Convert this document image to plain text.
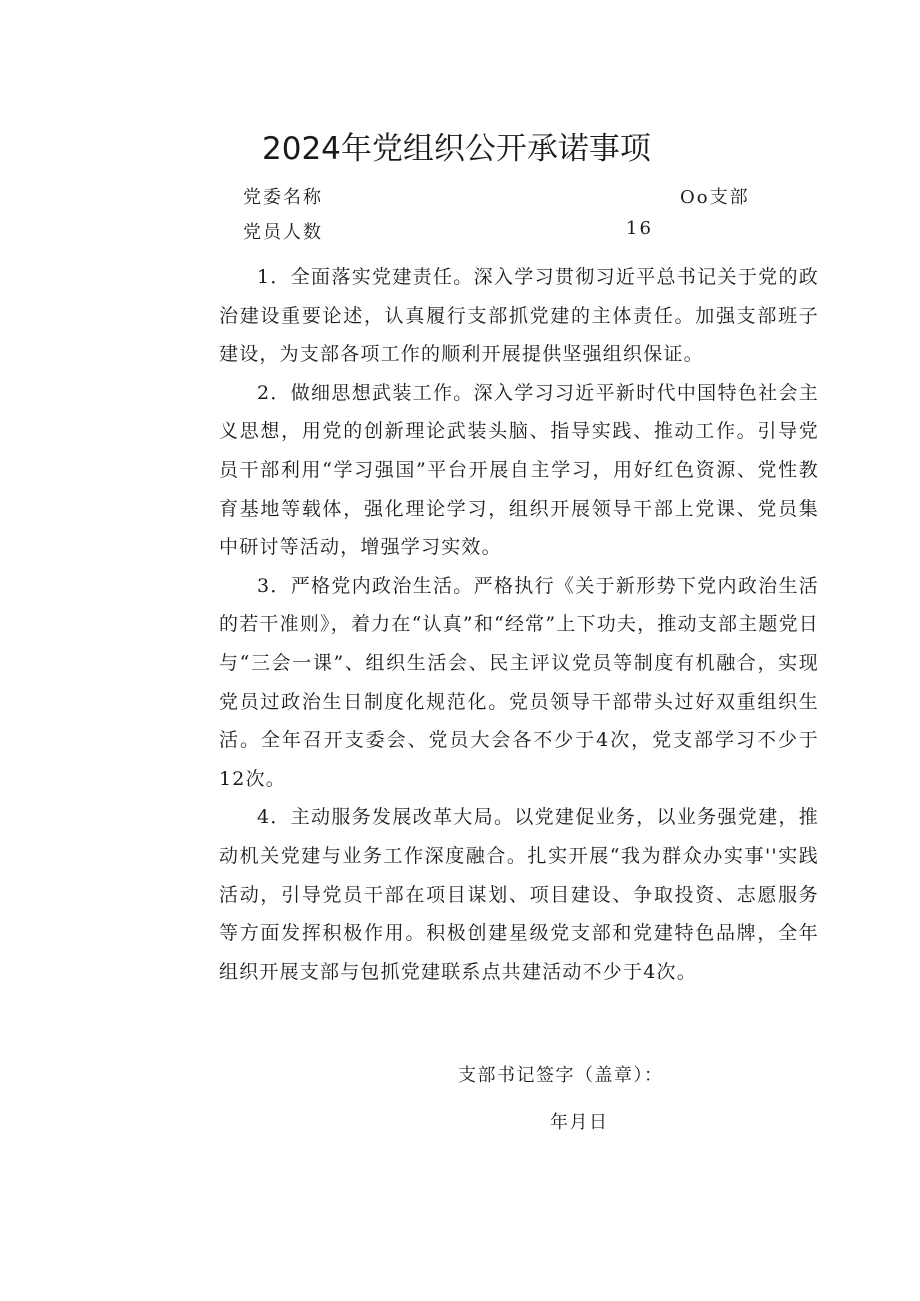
2024年党组织公开承诺事项
党委名称	Oo支部
党员人数	16

1．全面落实党建责任。深入学习贯彻习近平总书记关于党的政治建设重要论述，认真履行支部抓党建的主体责任。加强支部班子建设，为支部各项工作的顺利开展提供坚强组织保证。

2．做细思想武装工作。深入学习习近平新时代中国特色社会主义思想，用党的创新理论武装头脑、指导实践、推动工作。引导党员干部利用“学习强国”平台开展自主学习，用好红色资源、党性教育基地等载体，强化理论学习，组织开展领导干部上党课、党员集中研讨等活动，增强学习实效。

3．严格党内政治生活。严格执行《关于新形势下党内政治生活的若干准则》，着力在“认真”和“经常”上下功夫，推动支部主题党日与“三会一课”、组织生活会、民主评议党员等制度有机融合，实现党员过政治生日制度化规范化。党员领导干部带头过好双重组织生活。全年召开支委会、党员大会各不少于4次，党支部学习不少于12次。

4．主动服务发展改革大局。以党建促业务，以业务强党建，推动机关党建与业务工作深度融合。扎实开展“我为群众办实事''实践活动，引导党员干部在项目谋划、项目建设、争取投资、志愿服务等方面发挥积极作用。积极创建星级党支部和党建特色品牌，全年组织开展支部与包抓党建联系点共建活动不少于4次。

支部书记签字（盖章）：
年月日
